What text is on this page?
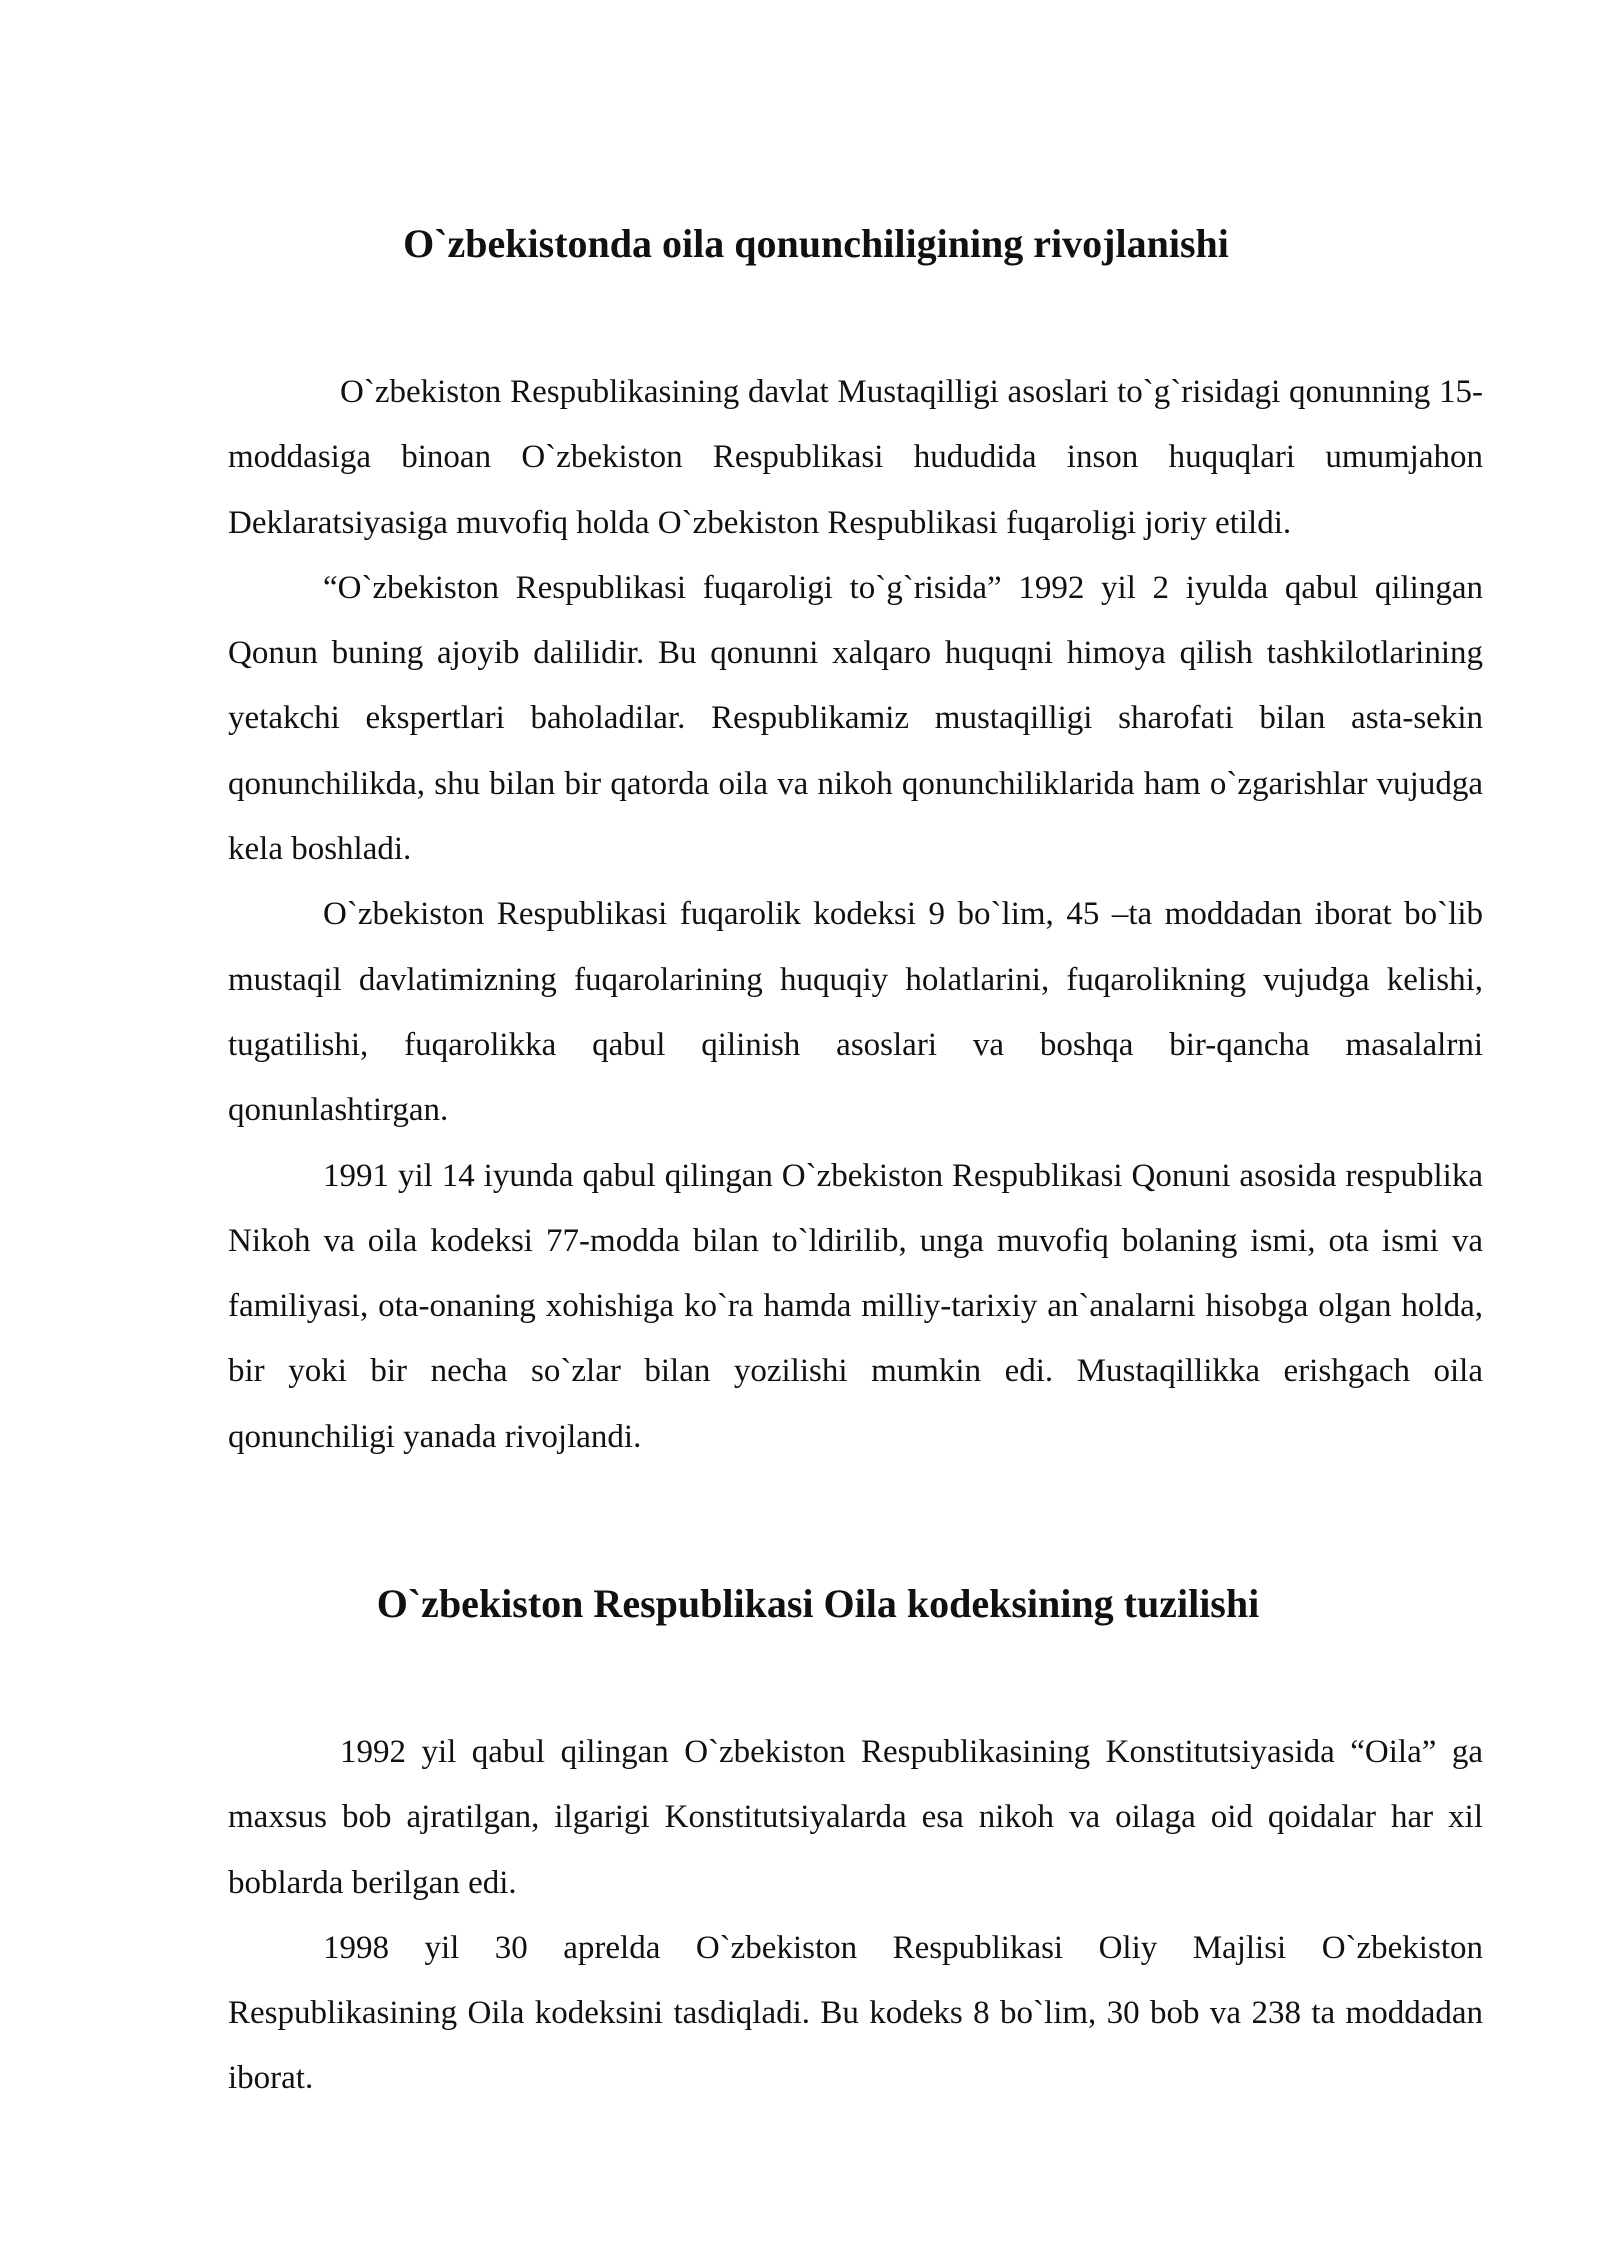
O`zbekistonda oila qonunchiligining rivojlanishi

O`zbekiston Respublikasining davlat Mustaqilligi asoslari to`g`risidagi qonunning 15-moddasiga binoan O`zbekiston Respublikasi hududida inson huquqlari umumjahon Deklaratsiyasiga muvofiq holda O`zbekiston Respublikasi fuqaroligi joriy etildi.

“O`zbekiston Respublikasi fuqaroligi to`g`risida” 1992 yil 2 iyulda qabul qilingan Qonun buning ajoyib dalilidir. Bu qonunni xalqaro huquqni himoya qilish tashkilotlarining yetakchi ekspertlari baholadilar. Respublikamiz mustaqilligi sharofati bilan asta-sekin qonunchilikda, shu bilan bir qatorda oila va nikoh qonunchiliklarida ham o`zgarishlar vujudga kela boshladi.

O`zbekiston Respublikasi fuqarolik kodeksi 9 bo`lim, 45 –ta moddadan iborat bo`lib mustaqil davlatimizning fuqarolarining huquqiy holatlarini, fuqarolikning vujudga kelishi, tugatilishi, fuqarolikka qabul qilinish asoslari va boshqa bir-qancha masalalrni qonunlashtirgan.

1991 yil 14 iyunda qabul qilingan O`zbekiston Respublikasi Qonuni asosida respublika Nikoh va oila kodeksi 77-modda bilan to`ldirilib, unga muvofiq bolaning ismi, ota ismi va familiyasi, ota-onaning xohishiga ko`ra hamda milliy-tarixiy an`analarni hisobga olgan holda, bir yoki bir necha so`zlar bilan yozilishi mumkin edi. Mustaqillikka erishgach oila qonunchiligi yanada rivojlandi.

O`zbekiston Respublikasi Oila kodeksining tuzilishi

1992 yil qabul qilingan O`zbekiston Respublikasining Konstitutsiyasida “Oila” ga maxsus bob ajratilgan, ilgarigi Konstitutsiyalarda esa nikoh va oilaga oid qoidalar har xil boblarda berilgan edi.

1998 yil 30 aprelda O`zbekiston Respublikasi Oliy Majlisi O`zbekiston Respublikasining Oila kodeksini tasdiqladi. Bu kodeks 8 bo`lim, 30 bob va 238 ta moddadan iborat.
